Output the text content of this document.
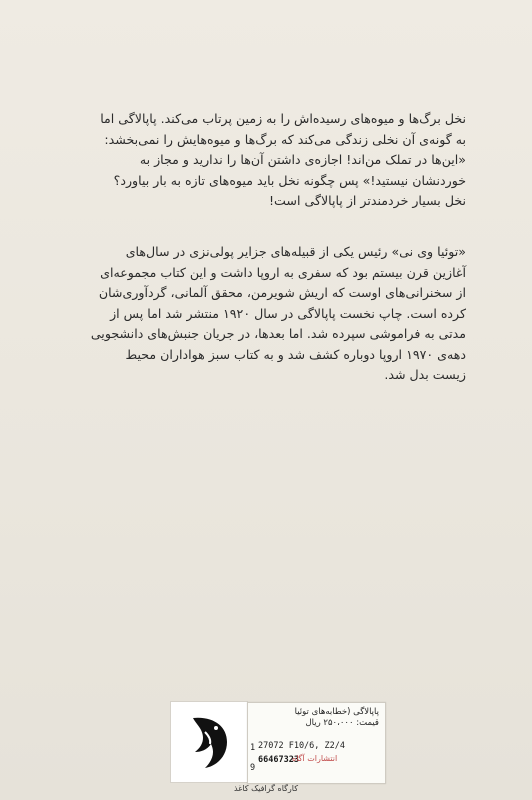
نخل برگ‌ها و میوه‌های رسیده‌اش را به زمین پرتاب می‌کند. پاپالاگی اما
به گونه‌ی آن نخلی زندگی می‌کند که برگ‌ها و میوه‌هایش را نمی‌بخشد:
«این‌ها در تملک من‌اند! اجازه‌ی داشتن آن‌ها را ندارید و مجاز به
خوردنشان نیستید!» پس چگونه نخل باید میوه‌های تازه به بار بیاورد؟
نخل بسیار خردمندتر از پاپالاگی است!
«توئیا وی نی» رئیس یکی از قبیله‌های جزایر پولی‌نزی در سال‌های
آغازین قرن بیستم بود که سفری به اروپا داشت و این کتاب مجموعه‌ای
از سخنرانی‌های اوست که اریش شویرمن، محقق آلمانی، گردآوری‌شان
کرده است. چاپ نخست پاپالاگی در سال ۱۹۲۰ منتشر شد اما پس از
مدتی به فراموشی سپرده شد. اما بعدها، در جریان جنبش‌های دانشجویی
دهه‌ی ۱۹۷۰ اروپا دوباره کشف شد و به کتاب سبز هواداران محیط
زیست بدل شد.
پاپالاگی (خطابه‌های توئیا
قیمت: ۲۵۰،۰۰۰ ریال
1 27072 F10/6, Z2/4
66467323
انتشارات آگاه
9
کارگاه گرافیک کاغذ
